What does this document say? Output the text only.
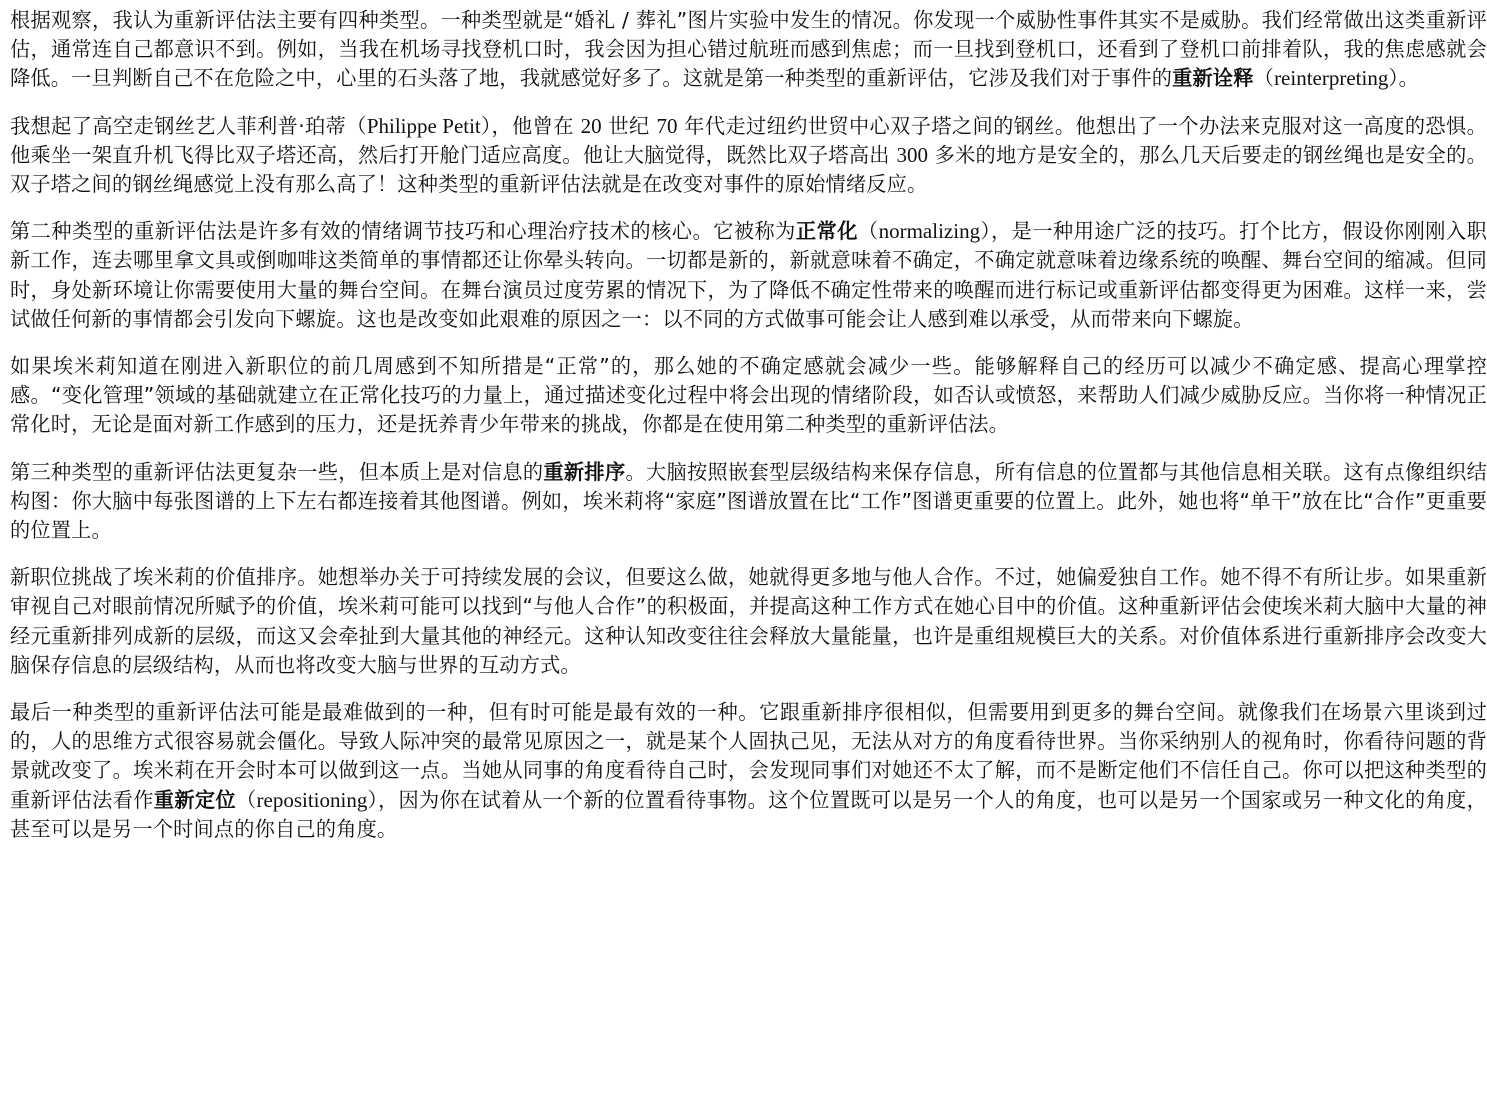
根据观察，我认为重新评估法主要有四种类型。一种类型就是“婚礼 / 葬礼”图片实验中发生的情况。你发现一个威胁性事件其实不是威胁。我们经常做出这类重新评估，通常连自己都意识不到。例如，当我在机场寻找登机口时，我会因为担心错过航班而感到焦虑；而一旦找到登机口，还看到了登机口前排着队，我的焦虑感就会降低。一旦判断自己不在危险之中，心里的石头落了地，我就感觉好多了。这就是第一种类型的重新评估，它涉及我们对于事件的重新诠释（reinterpreting）。

我想起了高空走钢丝艺人菲利普·珀蒂（Philippe Petit），他曾在 20 世纪 70 年代走过纽约世贸中心双子塔之间的钢丝。他想出了一个办法来克服对这一高度的恐惧。他乘坐一架直升机飞得比双子塔还高，然后打开舱门适应高度。他让大脑觉得，既然比双子塔高出 300 多米的地方是安全的，那么几天后要走的钢丝绳也是安全的。双子塔之间的钢丝绳感觉上没有那么高了！这种类型的重新评估法就是在改变对事件的原始情绪反应。

第二种类型的重新评估法是许多有效的情绪调节技巧和心理治疗技术的核心。它被称为正常化（normalizing），是一种用途广泛的技巧。打个比方，假设你刚刚入职新工作，连去哪里拿文具或倒咖啡这类简单的事情都还让你晕头转向。一切都是新的，新就意味着不确定，不确定就意味着边缘系统的唤醒、舞台空间的缩减。但同时，身处新环境让你需要使用大量的舞台空间。在舞台演员过度劳累的情况下，为了降低不确定性带来的唤醒而进行标记或重新评估都变得更为困难。这样一来，尝试做任何新的事情都会引发向下螺旋。这也是改变如此艰难的原因之一：以不同的方式做事可能会让人感到难以承受，从而带来向下螺旋。

如果埃米莉知道在刚进入新职位的前几周感到不知所措是“正常”的，那么她的不确定感就会减少一些。能够解释自己的经历可以减少不确定感、提高心理掌控感。“变化管理”领域的基础就建立在正常化技巧的力量上，通过描述变化过程中将会出现的情绪阶段，如否认或愤怒，来帮助人们减少威胁反应。当你将一种情况正常化时，无论是面对新工作感到的压力，还是抚养青少年带来的挑战，你都是在使用第二种类型的重新评估法。

第三种类型的重新评估法更复杂一些，但本质上是对信息的重新排序。大脑按照嵌套型层级结构来保存信息，所有信息的位置都与其他信息相关联。这有点像组织结构图：你大脑中每张图谱的上下左右都连接着其他图谱。例如，埃米莉将“家庭”图谱放置在比“工作”图谱更重要的位置上。此外，她也将“单干”放在比“合作”更重要的位置上。

新职位挑战了埃米莉的价值排序。她想举办关于可持续发展的会议，但要这么做，她就得更多地与他人合作。不过，她偏爱独自工作。她不得不有所让步。如果重新审视自己对眼前情况所赋予的价值，埃米莉可能可以找到“与他人合作”的积极面，并提高这种工作方式在她心目中的价值。这种重新评估会使埃米莉大脑中大量的神经元重新排列成新的层级，而这又会牵扯到大量其他的神经元。这种认知改变往往会释放大量能量，也许是重组规模巨大的关系。对价值体系进行重新排序会改变大脑保存信息的层级结构，从而也将改变大脑与世界的互动方式。

最后一种类型的重新评估法可能是最难做到的一种，但有时可能是最有效的一种。它跟重新排序很相似，但需要用到更多的舞台空间。就像我们在场景六里谈到过的，人的思维方式很容易就会僵化。导致人际冲突的最常见原因之一，就是某个人固执己见，无法从对方的角度看待世界。当你采纳别人的视角时，你看待问题的背景就改变了。埃米莉在开会时本可以做到这一点。当她从同事的角度看待自己时，会发现同事们对她还不太了解，而不是断定他们不信任自己。你可以把这种类型的重新评估法看作重新定位（repositioning），因为你在试着从一个新的位置看待事物。这个位置既可以是另一个人的角度，也可以是另一个国家或另一种文化的角度，甚至可以是另一个时间点的你自己的角度。
